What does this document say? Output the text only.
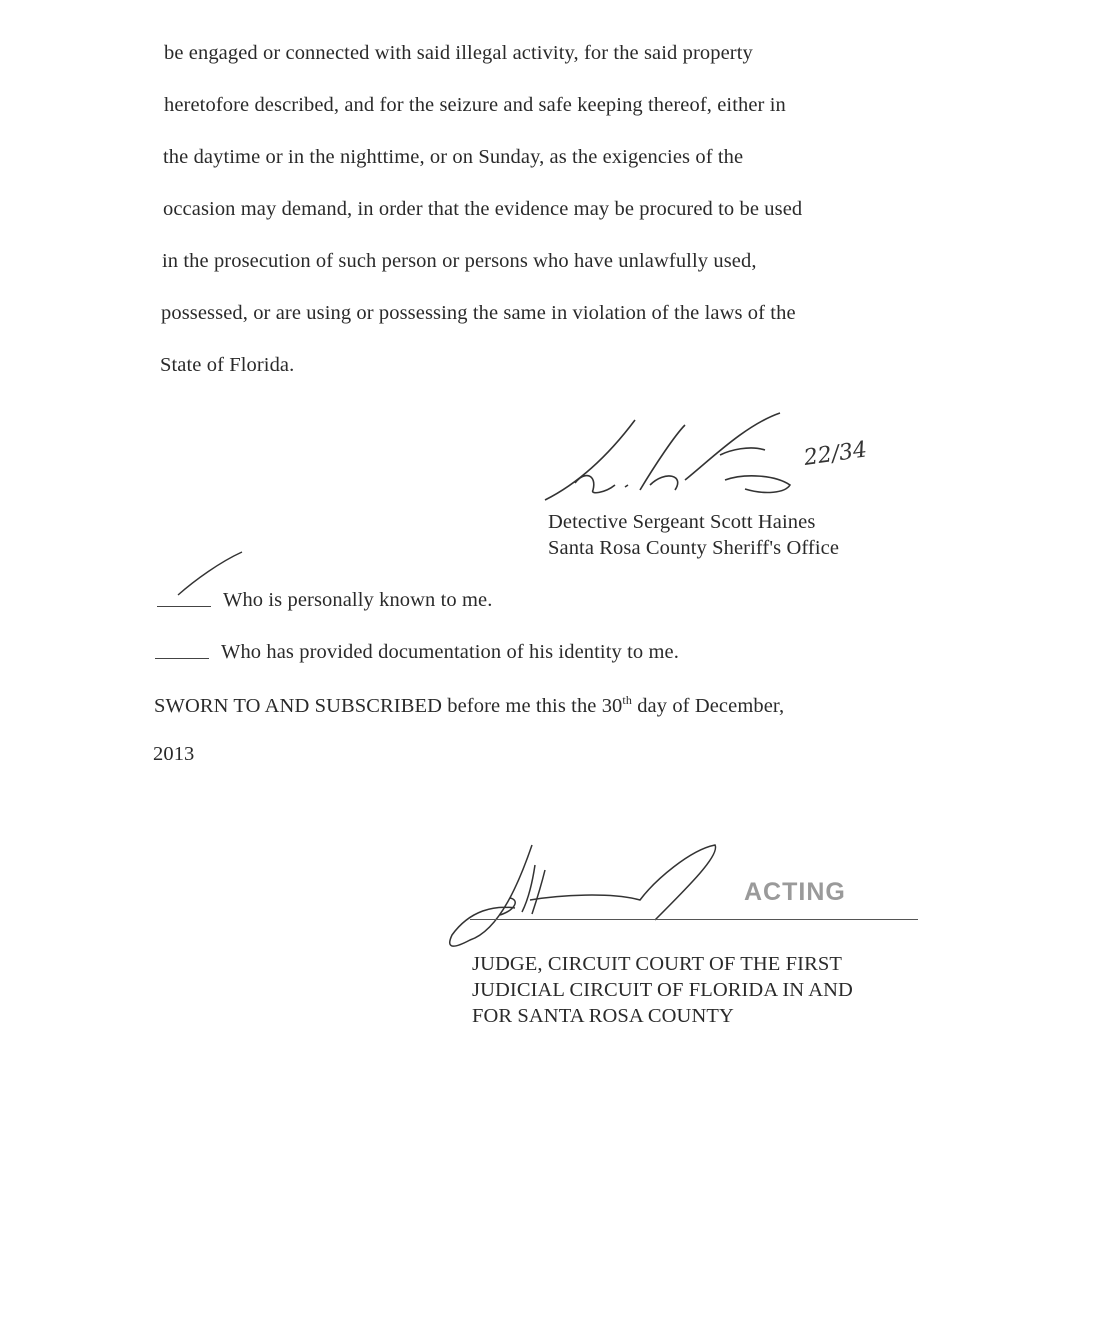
be engaged or connected with said illegal activity, for the said property
heretofore described, and for the seizure and safe keeping thereof, either in
the daytime or in the nighttime, or on Sunday, as the exigencies of the
occasion may demand, in order that the evidence may be procured to be used
in the prosecution of such person or persons who have unlawfully used,
possessed, or are using or possessing the same in violation of the laws of the
State of Florida.
22/34
Detective Sergeant Scott Haines
Santa Rosa County Sheriff's Office
Who is personally known to me.
Who has provided documentation of his identity to me.
SWORN TO AND SUBSCRIBED before me this the 30th day of December,
2013
ACTING
JUDGE, CIRCUIT COURT OF THE FIRST
JUDICIAL CIRCUIT OF FLORIDA IN AND
FOR SANTA ROSA COUNTY
